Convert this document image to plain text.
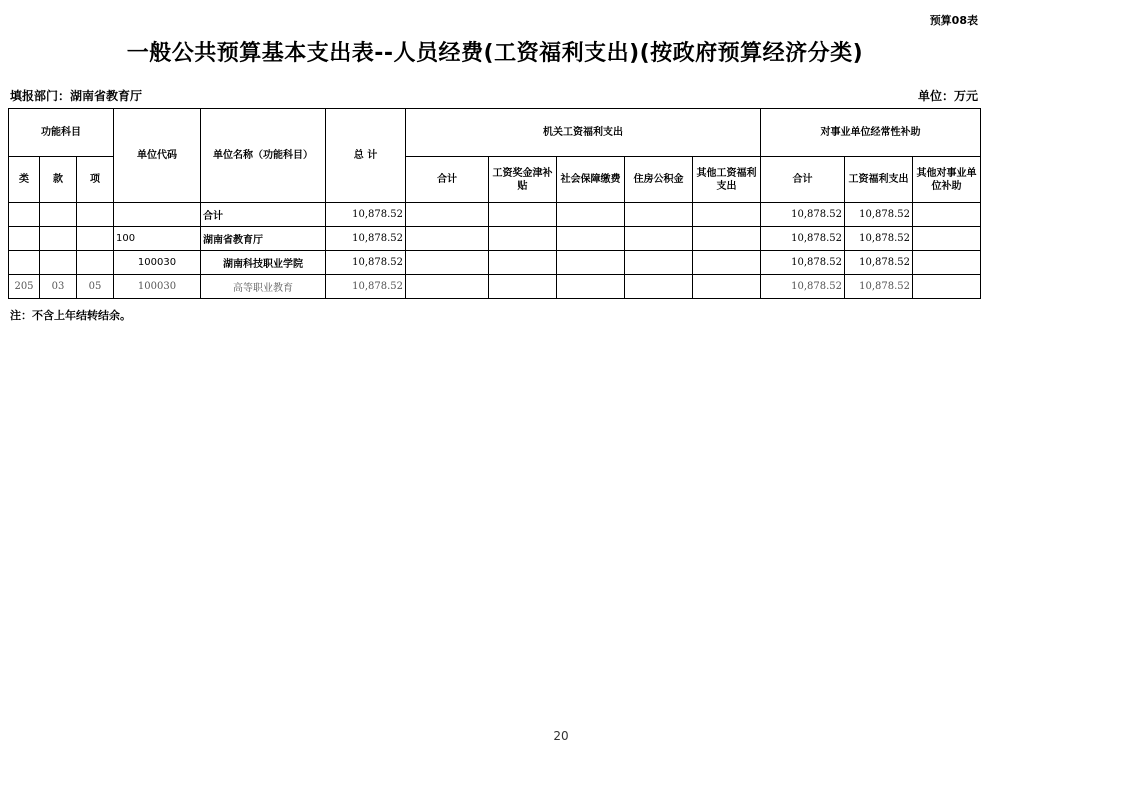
预算08表
一般公共预算基本支出表--人员经费(工资福利支出)(按政府预算经济分类)
填报部门：湖南省教育厅	单位：万元
功能科目			单位代码	单位名称（功能科目）	总 计	机关工资福利支出					对事业单位经常性补助		
类	款	项				合计	工资奖金津补贴	社会保障缴费	住房公积金	其他工资福利支出	合计	工资福利支出	其他对事业单位补助
				合计	10,878.52						10,878.52	10,878.52	
			100	湖南省教育厅	10,878.52						10,878.52	10,878.52	
			100030	湖南科技职业学院	10,878.52						10,878.52	10,878.52	
205	03	05	100030	高等职业教育	10,878.52						10,878.52	10,878.52	
注：不含上年结转结余。
20
